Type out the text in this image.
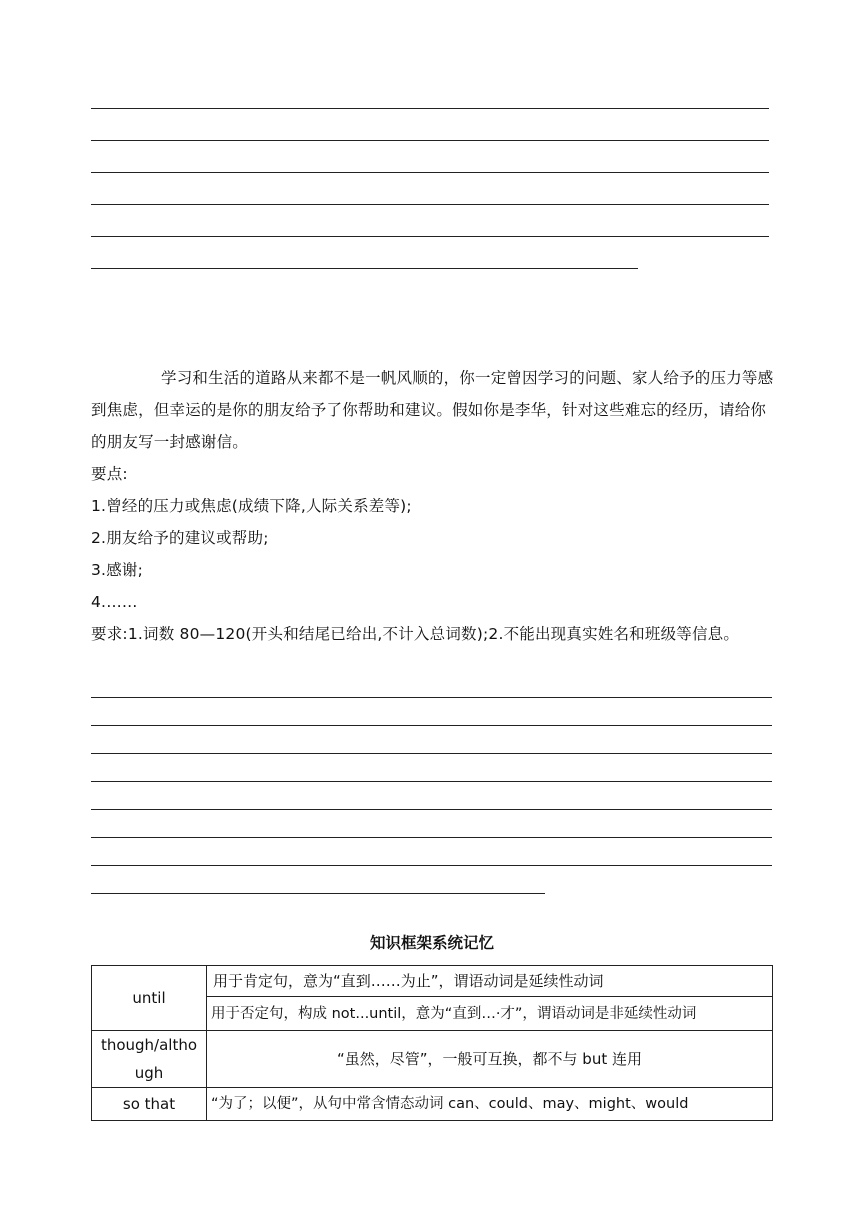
学习和生活的道路从来都不是一帆风顺的，你一定曾因学习的问题、家人给予的压力等感到焦虑，但幸运的是你的朋友给予了你帮助和建议。假如你是李华，针对这些难忘的经历，请给你的朋友写一封感谢信。

要点:

1.曾经的压力或焦虑(成绩下降,人际关系差等);

2.朋友给予的建议或帮助;

3.感谢;

4.……

要求:1.词数 80—120(开头和结尾已给出,不计入总词数);2.不能出现真实姓名和班级等信息。

知识框架系统记忆
until	用于肯定句，意为“直到……为止”，谓语动词是延续性动词
	用于否定句，构成 not...until，意为“直到…·才”，谓语动词是非延续性动词
though/although	“虽然，尽管”，一般可互换，都不与 but 连用
so that	“为了；以便”，从句中常含情态动词 can、could、may、might、would
